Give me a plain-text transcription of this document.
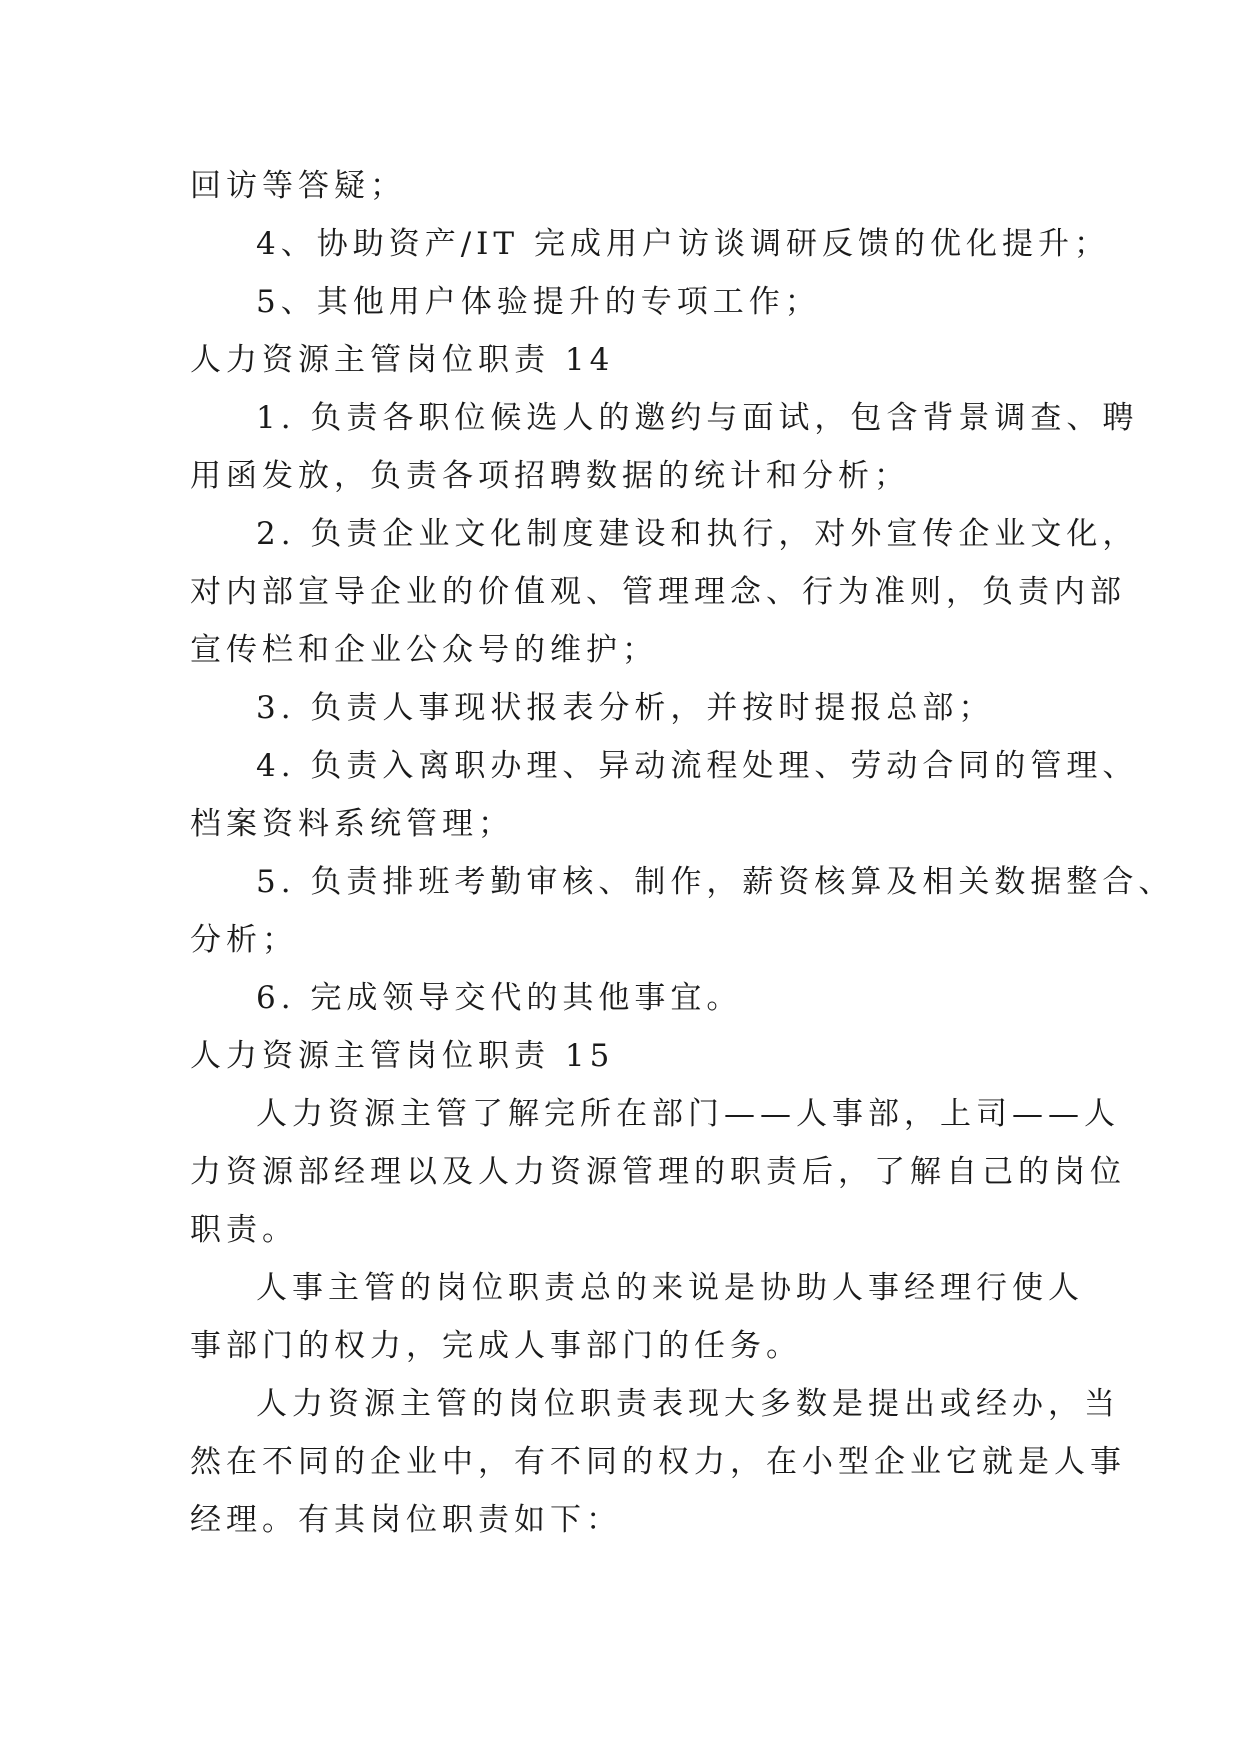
回访等答疑；
4、协助资产/IT 完成用户访谈调研反馈的优化提升；
5、其他用户体验提升的专项工作；
人力资源主管岗位职责 14
1. 负责各职位候选人的邀约与面试，包含背景调查、聘
用函发放，负责各项招聘数据的统计和分析；
2. 负责企业文化制度建设和执行，对外宣传企业文化，
对内部宣导企业的价值观、管理理念、行为准则，负责内部
宣传栏和企业公众号的维护；
3. 负责人事现状报表分析，并按时提报总部；
4. 负责入离职办理、异动流程处理、劳动合同的管理、
档案资料系统管理；
5. 负责排班考勤审核、制作，薪资核算及相关数据整合、
分析；
6. 完成领导交代的其他事宜。
人力资源主管岗位职责 15
人力资源主管了解完所在部门——人事部，上司——人
力资源部经理以及人力资源管理的职责后，了解自己的岗位
职责。
人事主管的岗位职责总的来说是协助人事经理行使人
事部门的权力，完成人事部门的任务。
人力资源主管的岗位职责表现大多数是提出或经办，当
然在不同的企业中，有不同的权力，在小型企业它就是人事
经理。有其岗位职责如下：
